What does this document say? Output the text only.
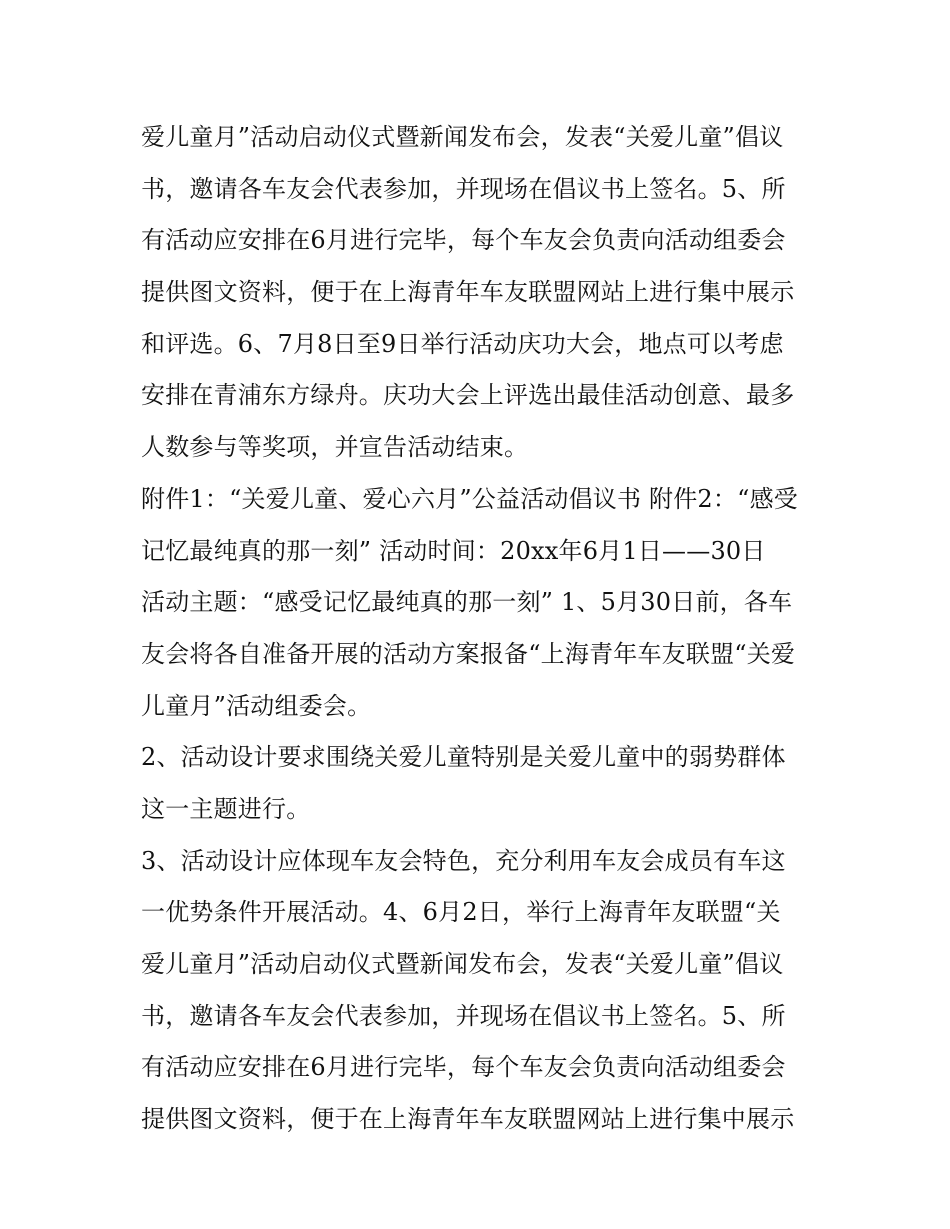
爱儿童月”活动启动仪式暨新闻发布会，发表“关爱儿童”倡议
书，邀请各车友会代表参加，并现场在倡议书上签名。5、所
有活动应安排在6月进行完毕，每个车友会负责向活动组委会
提供图文资料，便于在上海青年车友联盟网站上进行集中展示
和评选。6、7月8日至9日举行活动庆功大会，地点可以考虑
安排在青浦东方绿舟。庆功大会上评选出最佳活动创意、最多
人数参与等奖项，并宣告活动结束。
附件1：“关爱儿童、爱心六月”公益活动倡议书 附件2：“感受
记忆最纯真的那一刻” 活动时间：20xx年6月1日——30日
活动主题：“感受记忆最纯真的那一刻” 1、5月30日前，各车
友会将各自准备开展的活动方案报备“上海青年车友联盟“关爱
儿童月”活动组委会。
2、活动设计要求围绕关爱儿童特别是关爱儿童中的弱势群体
这一主题进行。
3、活动设计应体现车友会特色，充分利用车友会成员有车这
一优势条件开展活动。4、6月2日，举行上海青年友联盟“关
爱儿童月”活动启动仪式暨新闻发布会，发表“关爱儿童”倡议
书，邀请各车友会代表参加，并现场在倡议书上签名。5、所
有活动应安排在6月进行完毕，每个车友会负责向活动组委会
提供图文资料，便于在上海青年车友联盟网站上进行集中展示
